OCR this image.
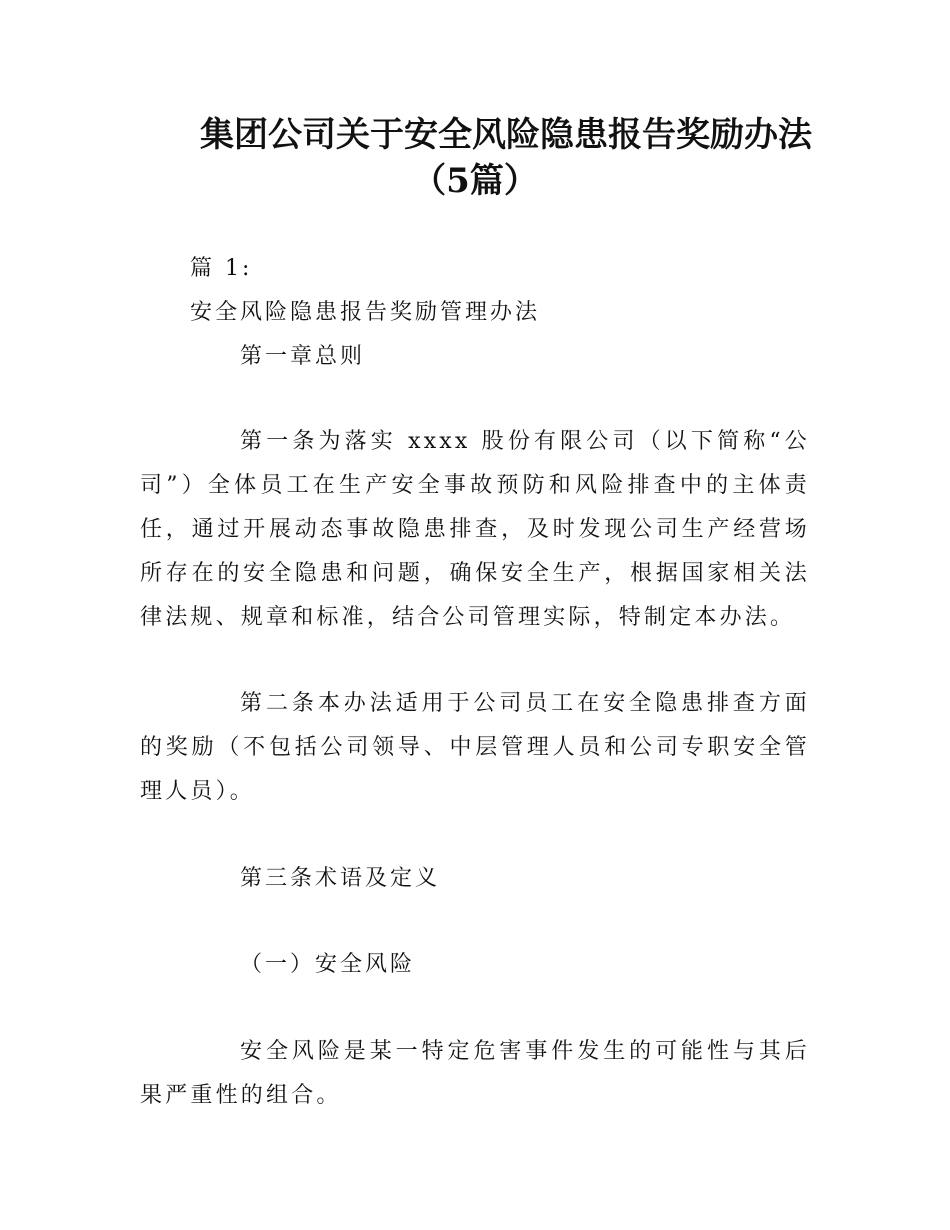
集团公司关于安全风险隐患报告奖励办法
（5篇）
篇 1:
安全风险隐患报告奖励管理办法
第一章总则

第一条为落实 xxxx 股份有限公司（以下简称“公司”）全体员工在生产安全事故预防和风险排查中的主体责任，通过开展动态事故隐患排查，及时发现公司生产经营场所存在的安全隐患和问题，确保安全生产，根据国家相关法律法规、规章和标准，结合公司管理实际，特制定本办法。

第二条本办法适用于公司员工在安全隐患排查方面的奖励（不包括公司领导、中层管理人员和公司专职安全管理人员）。

第三条术语及定义
（一）安全风险

安全风险是某一特定危害事件发生的可能性与其后果严重性的组合。
